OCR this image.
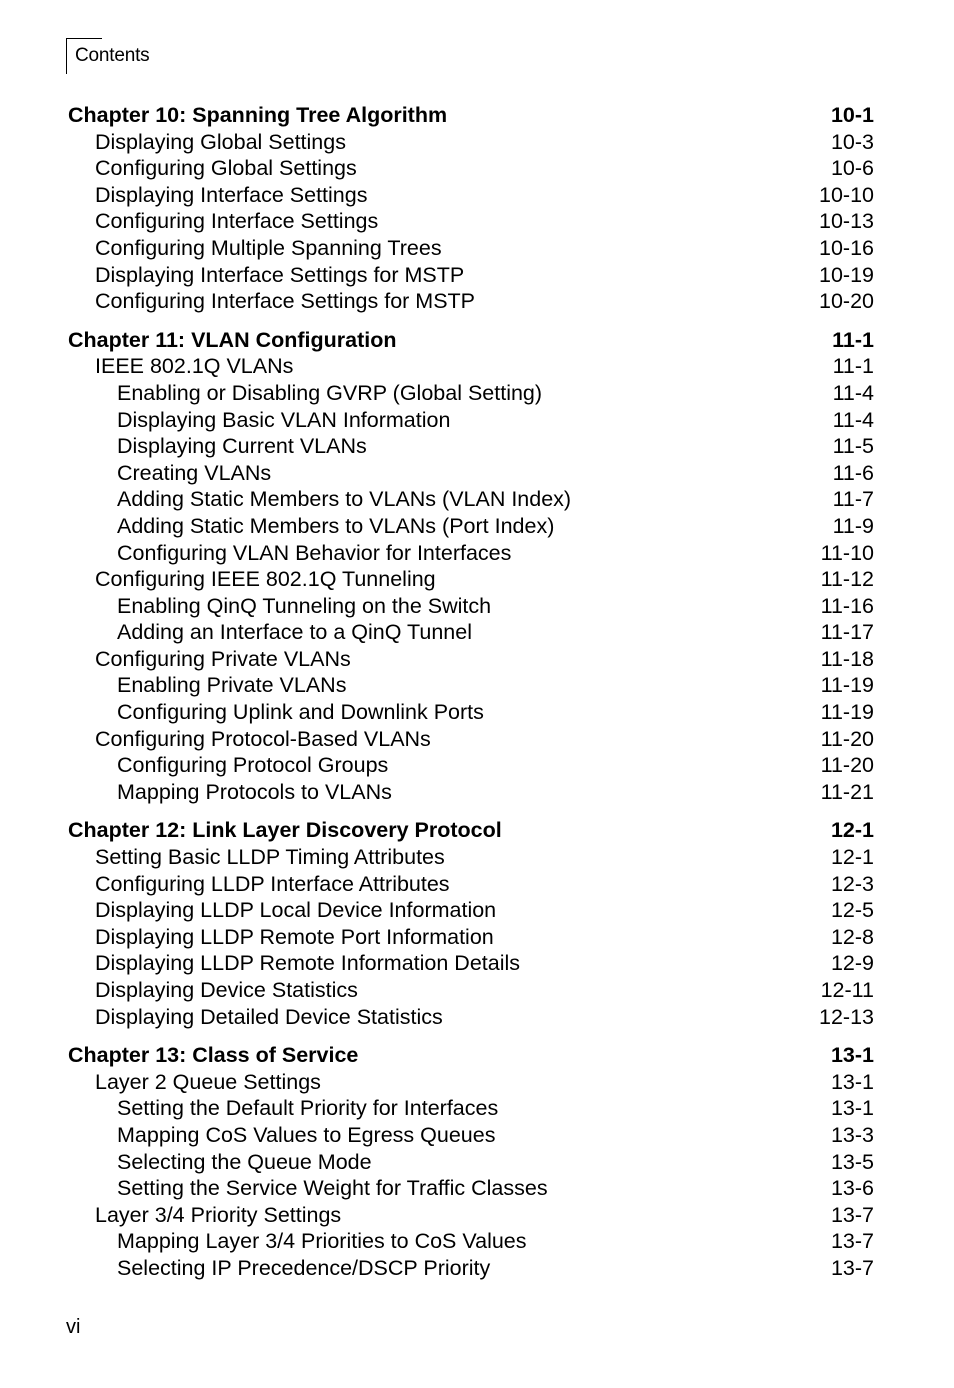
Contents
Chapter 10: Spanning Tree Algorithm	10-1
Displaying Global Settings	10-3
Configuring Global Settings	10-6
Displaying Interface Settings	10-10
Configuring Interface Settings	10-13
Configuring Multiple Spanning Trees	10-16
Displaying Interface Settings for MSTP	10-19
Configuring Interface Settings for MSTP	10-20
Chapter 11: VLAN Configuration	11-1
IEEE 802.1Q VLANs	11-1
Enabling or Disabling GVRP (Global Setting)	11-4
Displaying Basic VLAN Information	11-4
Displaying Current VLANs	11-5
Creating VLANs	11-6
Adding Static Members to VLANs (VLAN Index)	11-7
Adding Static Members to VLANs (Port Index)	11-9
Configuring VLAN Behavior for Interfaces	11-10
Configuring IEEE 802.1Q Tunneling	11-12
Enabling QinQ Tunneling on the Switch	11-16
Adding an Interface to a QinQ Tunnel	11-17
Configuring Private VLANs	11-18
Enabling Private VLANs	11-19
Configuring Uplink and Downlink Ports	11-19
Configuring Protocol-Based VLANs	11-20
Configuring Protocol Groups	11-20
Mapping Protocols to VLANs	11-21
Chapter 12: Link Layer Discovery Protocol	12-1
Setting Basic LLDP Timing Attributes	12-1
Configuring LLDP Interface Attributes	12-3
Displaying LLDP Local Device Information	12-5
Displaying LLDP Remote Port Information	12-8
Displaying LLDP Remote Information Details	12-9
Displaying Device Statistics	12-11
Displaying Detailed Device Statistics	12-13
Chapter 13: Class of Service	13-1
Layer 2 Queue Settings	13-1
Setting the Default Priority for Interfaces	13-1
Mapping CoS Values to Egress Queues	13-3
Selecting the Queue Mode	13-5
Setting the Service Weight for Traffic Classes	13-6
Layer 3/4 Priority Settings	13-7
Mapping Layer 3/4 Priorities to CoS Values	13-7
Selecting IP Precedence/DSCP Priority	13-7
vi
